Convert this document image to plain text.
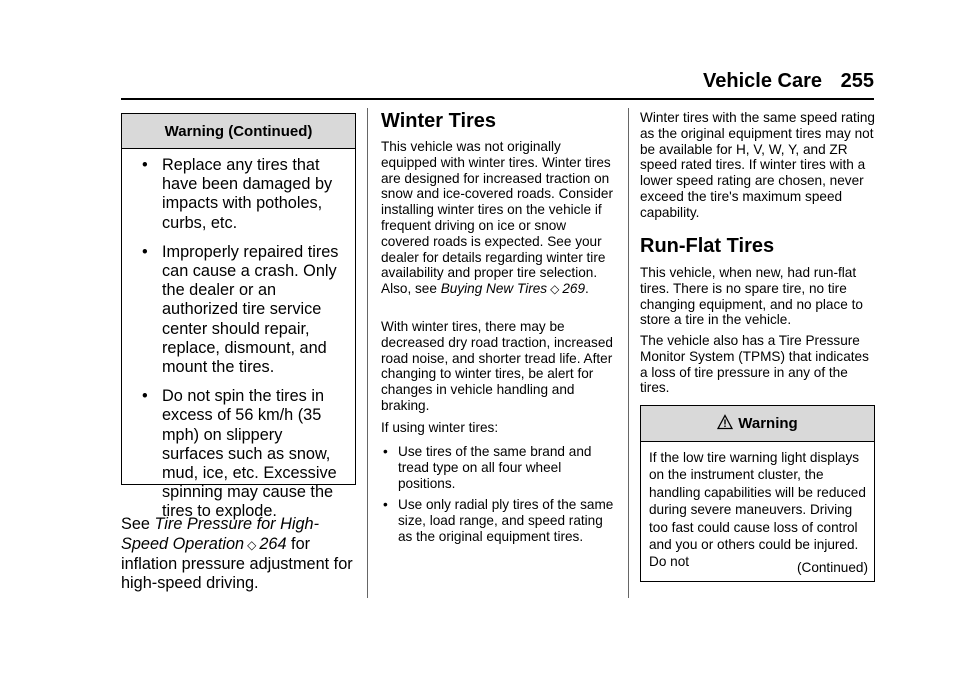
Vehicle Care 255
Warning (Continued)
• Replace any tires that have been damaged by impacts with potholes, curbs, etc.
• Improperly repaired tires can cause a crash. Only the dealer or an authorized tire service center should repair, replace, dismount, and mount the tires.
• Do not spin the tires in excess of 56 km/h (35 mph) on slippery surfaces such as snow, mud, ice, etc. Excessive spinning may cause the tires to explode.

See Tire Pressure for High-Speed Operation ◇ 264 for inflation pressure adjustment for high-speed driving.

Winter Tires

This vehicle was not originally equipped with winter tires. Winter tires are designed for increased traction on snow and ice-covered roads. Consider installing winter tires on the vehicle if frequent driving on ice or snow covered roads is expected. See your dealer for details regarding winter tire availability and proper tire selection. Also, see Buying New Tires ◇ 269.

With winter tires, there may be decreased dry road traction, increased road noise, and shorter tread life. After changing to winter tires, be alert for changes in vehicle handling and braking.

If using winter tires:

• Use tires of the same brand and tread type on all four wheel positions.
• Use only radial ply tires of the same size, load range, and speed rating as the original equipment tires.

Winter tires with the same speed rating as the original equipment tires may not be available for H, V, W, Y, and ZR speed rated tires. If winter tires with a lower speed rating are chosen, never exceed the tire's maximum speed capability.

Run-Flat Tires

This vehicle, when new, had run-flat tires. There is no spare tire, no tire changing equipment, and no place to store a tire in the vehicle.

The vehicle also has a Tire Pressure Monitor System (TPMS) that indicates a loss of tire pressure in any of the tires.

Warning
If the low tire warning light displays on the instrument cluster, the handling capabilities will be reduced during severe maneuvers. Driving too fast could cause loss of control and you or others could be injured. Do not	(Continued)
